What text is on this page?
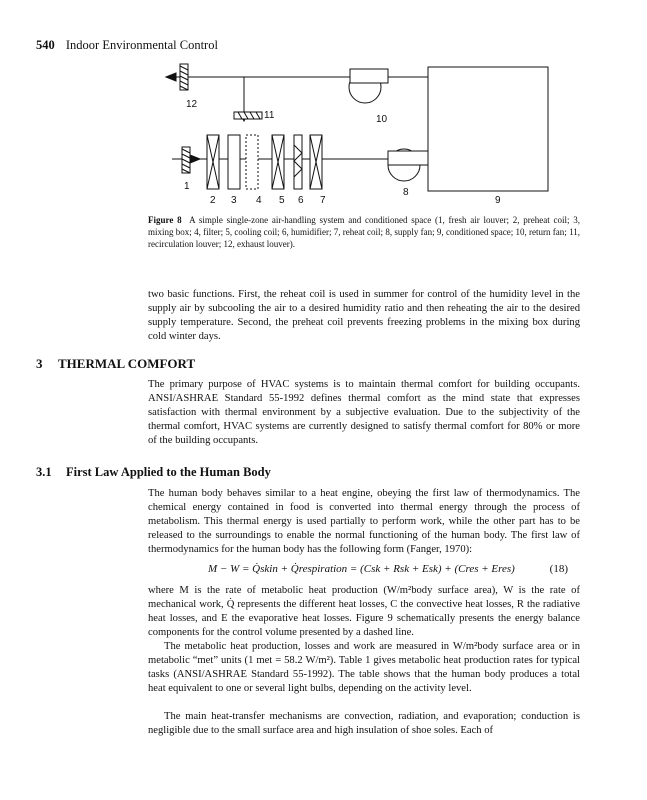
540 Indoor Environmental Control
12
11	10
1
2 3 4 5 6 7
8
9
Figure 8 A simple single-zone air-handling system and conditioned space (1, fresh air louver; 2, preheat coil; 3, mixing box; 4, filter; 5, cooling coil; 6, humidifier; 7, reheat coil; 8, supply fan; 9, conditioned space; 10, return fan; 11, recirculation louver; 12, exhaust louver).

two basic functions. First, the reheat coil is used in summer for control of the humidity level in the supply air by subcooling the air to a desired humidity ratio and then reheating the air to the desired supply temperature. Second, the preheat coil prevents freezing problems in the mixing box during cold winter days.

3 THERMAL COMFORT

The primary purpose of HVAC systems is to maintain thermal comfort for building occupants. ANSI/ASHRAE Standard 55-1992 defines thermal comfort as the mind state that expresses satisfaction with thermal environment by a subjective evaluation. Due to the subjectivity of the thermal comfort, HVAC systems are currently designed to satisfy thermal comfort for 80% or more of the building occupants.

3.1 First Law Applied to the Human Body

The human body behaves similar to a heat engine, obeying the first law of thermodynamics. The chemical energy contained in food is converted into thermal energy through the process of metabolism. This thermal energy is used partially to perform work, while the other part has to be released to the surroundings to enable the normal functioning of the human body. The first law of thermodynamics for the human body has the following form (Fanger, 1970):

M − W = Q̇skin + Q̇respiration = (Csk + Rsk + Esk) + (Cres + Eres)	(18)

where M is the rate of metabolic heat production (W/m²body surface area), W is the rate of mechanical work, Q̇ represents the different heat losses, C the convective heat losses, R the radiative heat losses, and E the evaporative heat losses. Figure 9 schematically presents the energy balance components for the control volume presented by a dashed line.

The metabolic heat production, losses and work are measured in W/m²body surface area or in metabolic “met” units (1 met = 58.2 W/m²). Table 1 gives metabolic heat production rates for typical tasks (ANSI/ASHRAE Standard 55-1992). The table shows that the human body produces a total heat equivalent to one or several light bulbs, depending on the activity level.

The main heat-transfer mechanisms are convection, radiation, and evaporation; conduction is negligible due to the small surface area and high insulation of shoe soles. Each of
